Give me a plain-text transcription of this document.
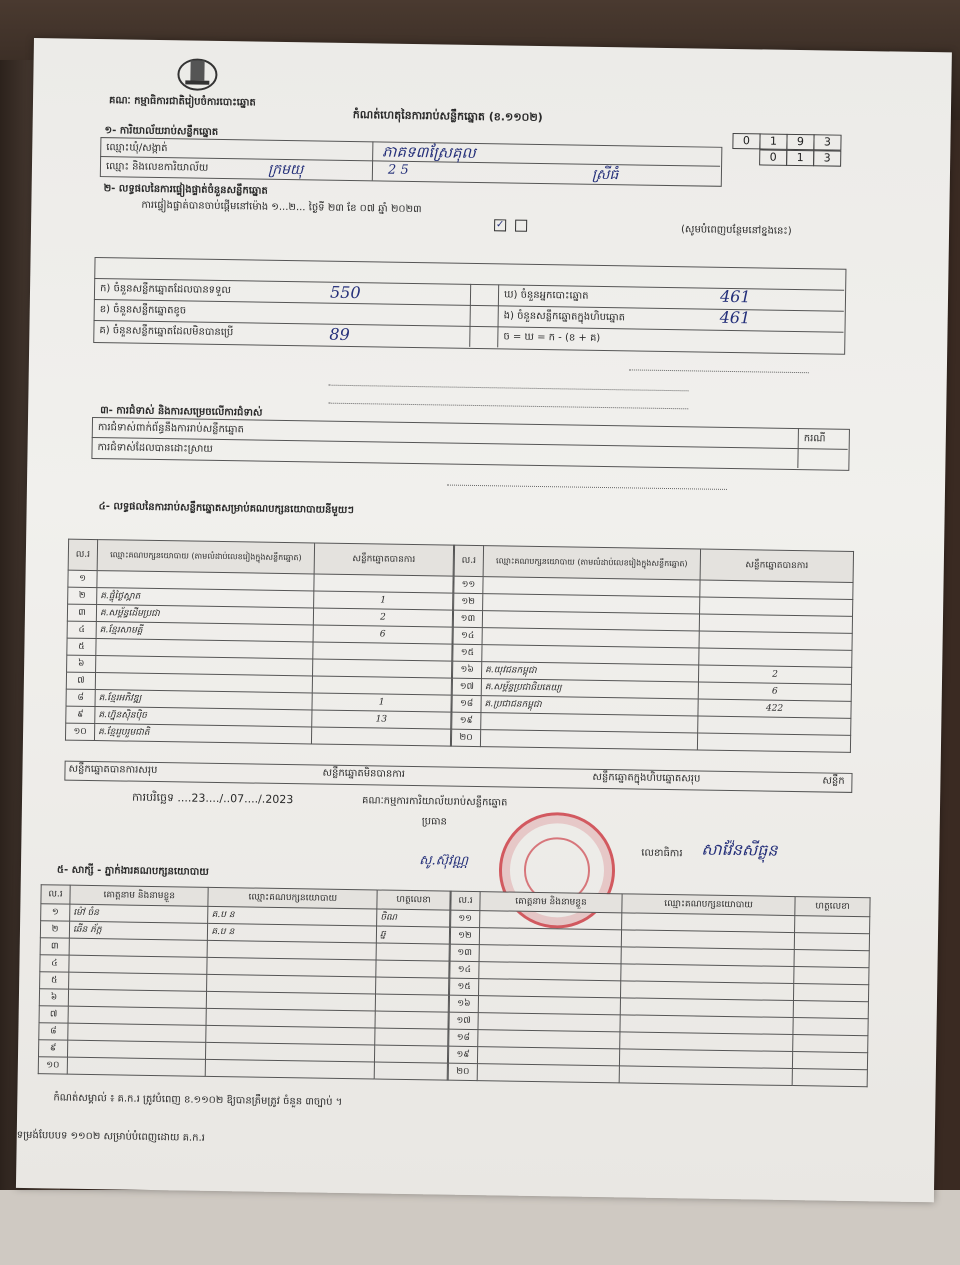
គណៈ កម្មាធិការជាតិរៀបចំការបោះឆ្នោត
កំណត់ហេតុនៃការរាប់សន្លឹកឆ្នោត (ខ.១១០២)
១- ការិយាល័យរាប់សន្លឹកឆ្នោត
ឈ្មោះឃុំ/សង្កាត់	ភាគទ៣ស្រែគុល
ឈ្មោះ និងលេខការិយាល័យ	ក្រមយុ	2 5	ស្រីធំ
0	1	9	3
0	1	3
២- លទ្ធផលនៃការផ្ទៀងផ្ទាត់ចំនួនសន្លឹកឆ្នោត
ការផ្ទៀងផ្ទាត់បានចាប់ផ្តើមនៅម៉ោង ១...២... ថ្ងៃទី ២៣ ខែ ០៧ ឆ្នាំ ២០២៣
✓	(សូមបំពេញបន្ថែមនៅខ្នងនេះ)
ក) ចំនួនសន្លឹកឆ្នោតដែលបានទទួល	550
ខ) ចំនួនសន្លឹកឆ្នោតខូច
គ) ចំនួនសន្លឹកឆ្នោតដែលមិនបានប្រើ	89
ឃ) ចំនួនអ្នកបោះឆ្នោត	461
ង) ចំនួនសន្លឹកឆ្នោតក្នុងហិបឆ្នោត	461
ច = ឃ = ក - (ខ + គ)
៣- ការជំទាស់ និងការសម្រេចលើការជំទាស់
ការជំទាស់ពាក់ព័ន្ធនឹងការរាប់សន្លឹកឆ្នោត
ការជំទាស់ដែលបានដោះស្រាយ
ករណី
៤- លទ្ធផលនៃការរាប់សន្លឹកឆ្នោតសម្រាប់គណបក្សនយោបាយនីមួយៗ
ល.រ	ឈ្មោះគណបក្សនយោបាយ (តាមលំដាប់លេខរៀងក្នុងសន្លឹកឆ្នោត)	សន្លឹកឆ្នោតបានការ
១		
២	គ.ផ្ទុំថ្ងៃស្អាត	1
៣	គ.សម្ព័ន្ធដើមប្រជា	2
៤	គ.ខ្មែរសាមគ្គី	6
៥		
៦		
៧		
៨	គ.ខ្មែរអភិវឌ្ឍ	1
៩	គ.ហ្វ៊ុនស៊ិនប៉ិច	13
១០	គ.ខ្មែររួបរួមជាតិ	
ល.រ	ឈ្មោះគណបក្សនយោបាយ (តាមលំដាប់លេខរៀងក្នុងសន្លឹកឆ្នោត)	សន្លឹកឆ្នោតបានការ
១១		
១២		
១៣		
១៤		
១៥		
១៦	គ.យុវជនកម្ពុជា	2
១៧	គ.សម្ព័ន្ធប្រជាធិបតេយ្យ	6
១៨	គ.ប្រជាជនកម្ពុជា	422
១៩		
២០		
សន្លឹកឆ្នោតបានការសរុប	សន្លឹកឆ្នោតមិនបានការ	សន្លឹកឆ្នោតក្នុងហិបឆ្នោតសរុប	សន្លឹក
ការបរិច្ឆេទ ....23..../..07..../.2023	គណៈកម្មការការិយាល័យរាប់សន្លឹកឆ្នោត
ប្រធាន
សូ.ស៊ុវណ្ណ	លេខាធិការ សាវ៉ែនសីធ្ងុន
៥- សាក្សី - ភ្នាក់ងារគណបក្សនយោបាយ
ល.រ	គោត្តនាម និងនាមខ្លួន	ឈ្មោះគណបក្សនយោបាយ	ហត្ថលេខា
១	ម៉ៅ ចំន	គ.ប ន	ចិណ
២	ឆើន ភ័ក្ត	គ.ប ន	ឆ្ន
៣			
៤			
៥			
៦			
៧			
៨			
៩			
១០			
ល.រ	គោត្តនាម និងនាមខ្លួន	ឈ្មោះគណបក្សនយោបាយ	ហត្ថលេខា
១១			
១២			
១៣			
១៤			
១៥			
១៦			
១៧			
១៨			
១៩			
២០			
កំណត់សម្គាល់ ៖ គ.ក.រ ត្រូវបំពេញ ខ.១១០២ ឱ្យបានត្រឹមត្រូវ ចំនួន ៣ច្បាប់ ។
ទម្រង់បែបបទ ១១០២ សម្រាប់បំពេញដោយ គ.ក.រ
